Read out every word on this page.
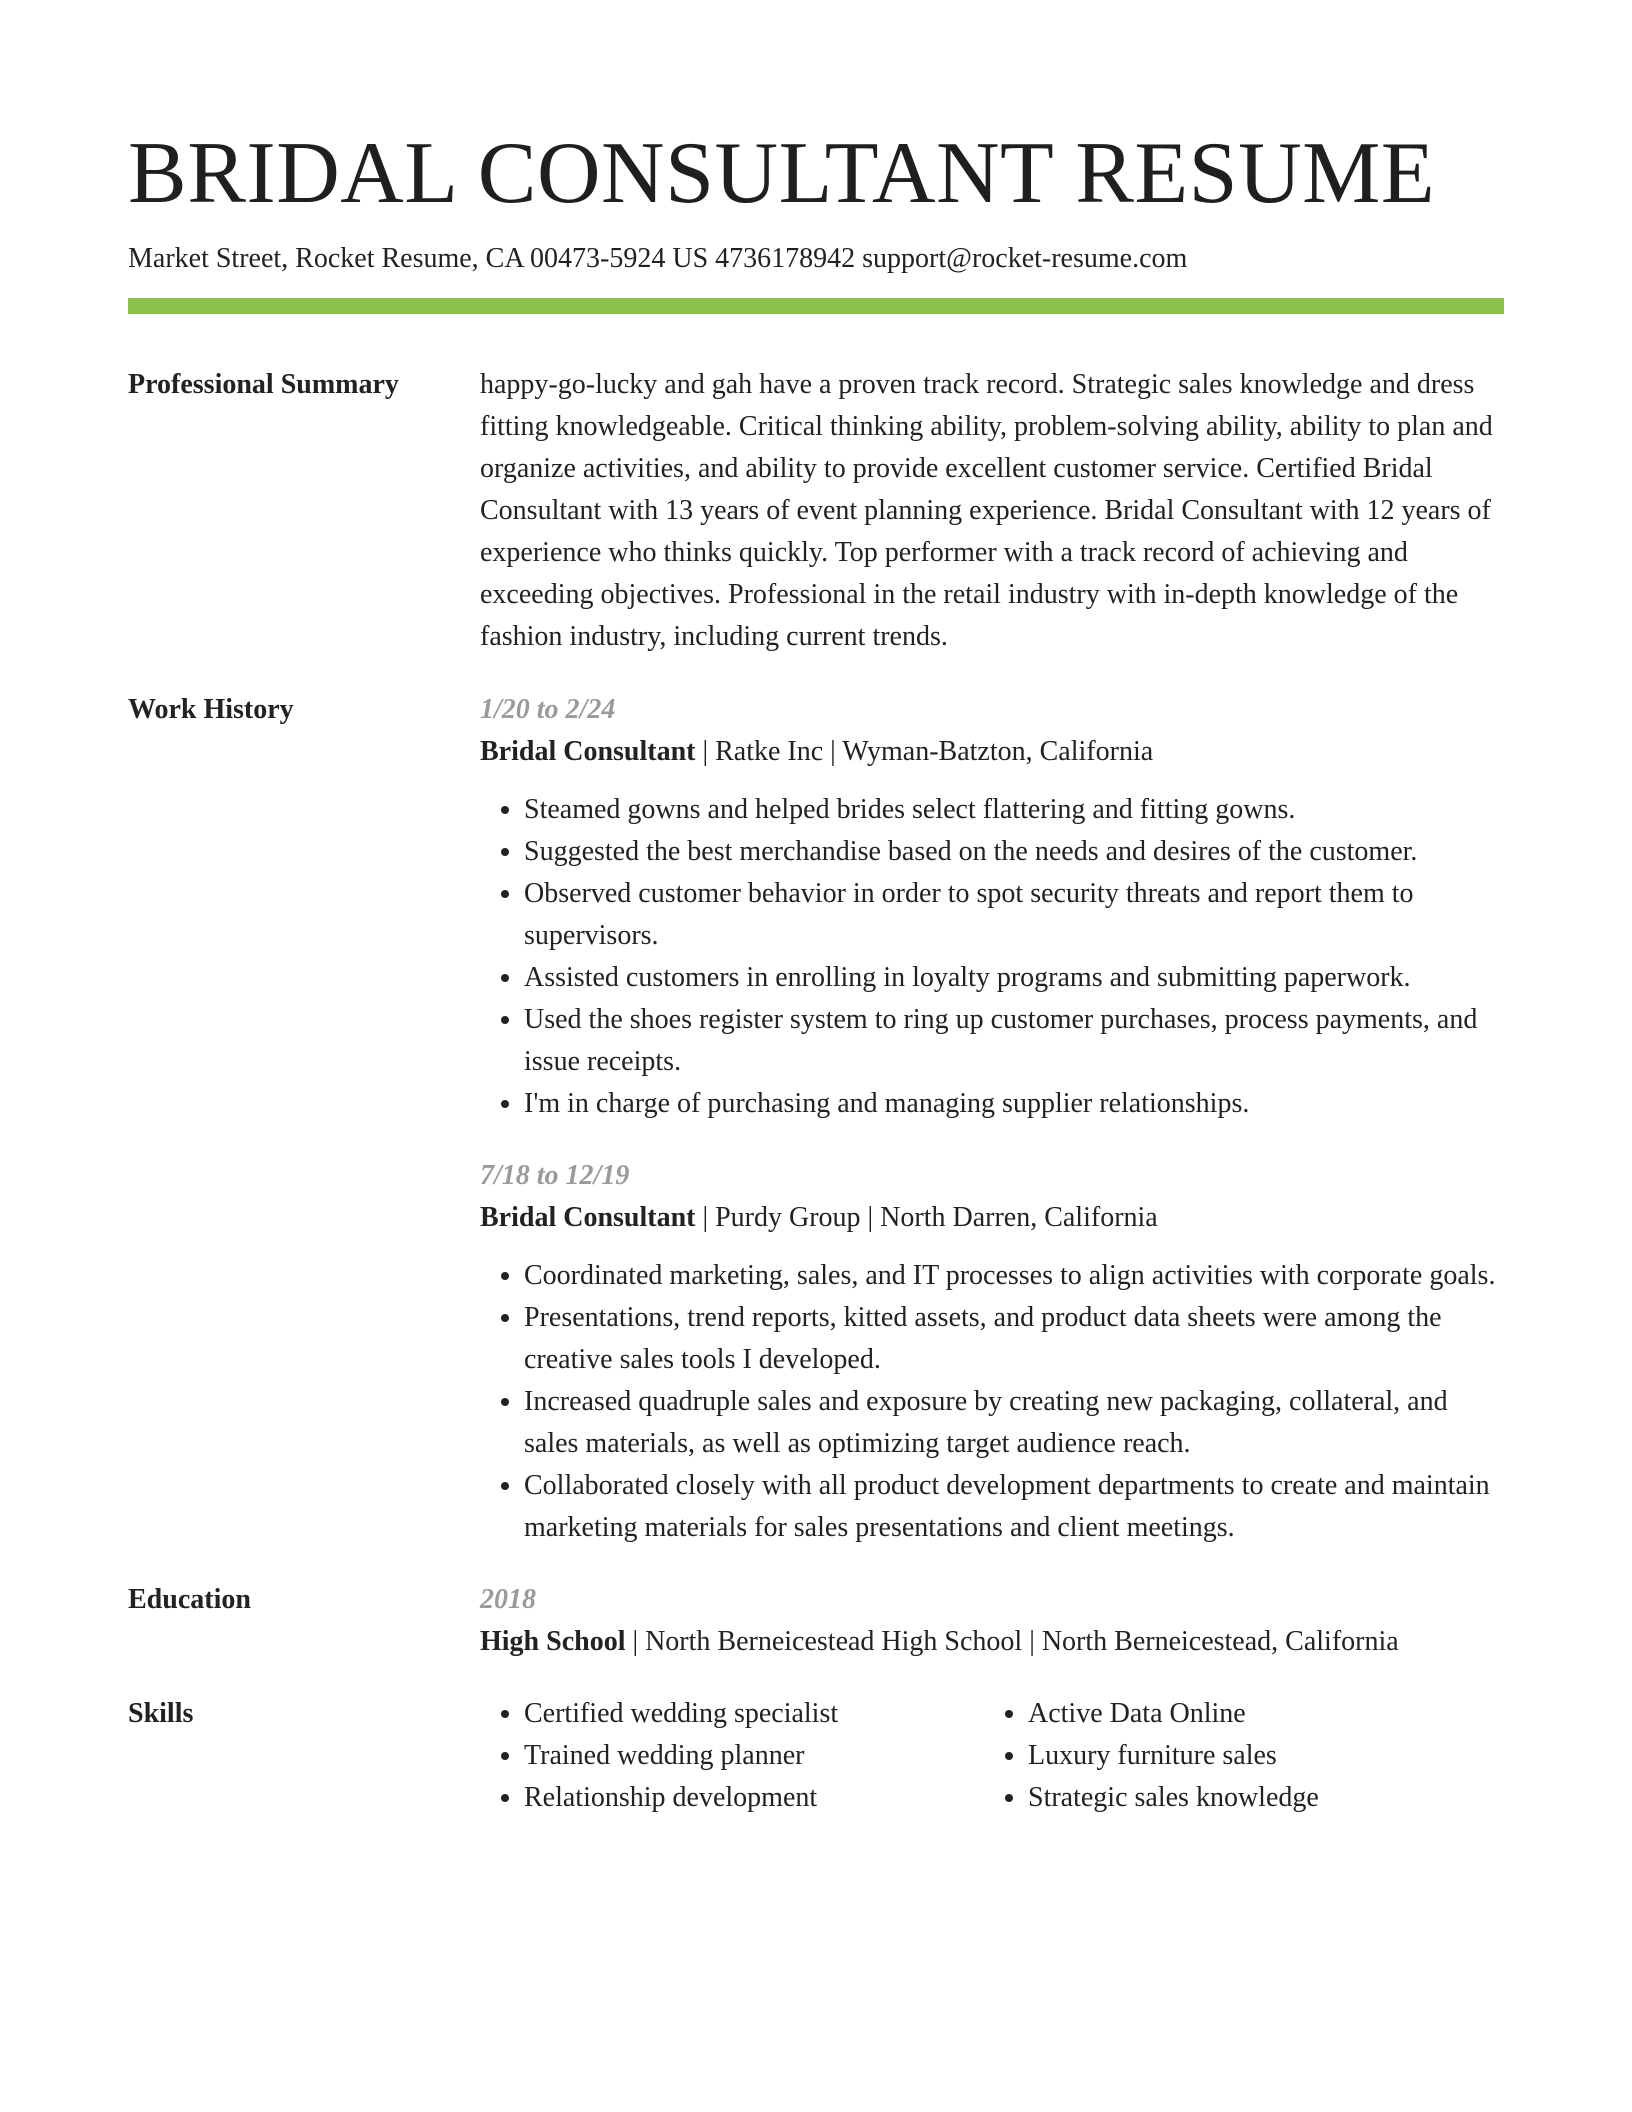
BRIDAL CONSULTANT RESUME
Market Street, Rocket Resume, CA 00473-5924 US 4736178942 support@rocket-resume.com
Professional Summary	happy-go-lucky and gah have a proven track record. Strategic sales knowledge and dress fitting knowledgeable. Critical thinking ability, problem-solving ability, ability to plan and organize activities, and ability to provide excellent customer service. Certified Bridal Consultant with 13 years of event planning experience. Bridal Consultant with 12 years of experience who thinks quickly. Top performer with a track record of achieving and exceeding objectives. Professional in the retail industry with in-depth knowledge of the fashion industry, including current trends.
Work History	1/20 to 2/24
Bridal Consultant | Ratke Inc | Wyman-Batzton, California
• Steamed gowns and helped brides select flattering and fitting gowns.
• Suggested the best merchandise based on the needs and desires of the customer.
• Observed customer behavior in order to spot security threats and report them to supervisors.
• Assisted customers in enrolling in loyalty programs and submitting paperwork.
• Used the shoes register system to ring up customer purchases, process payments, and issue receipts.
• I'm in charge of purchasing and managing supplier relationships.
7/18 to 12/19
Bridal Consultant | Purdy Group | North Darren, California
• Coordinated marketing, sales, and IT processes to align activities with corporate goals.
• Presentations, trend reports, kitted assets, and product data sheets were among the creative sales tools I developed.
• Increased quadruple sales and exposure by creating new packaging, collateral, and sales materials, as well as optimizing target audience reach.
• Collaborated closely with all product development departments to create and maintain marketing materials for sales presentations and client meetings.
Education	2018
High School | North Berneicestead High School | North Berneicestead, California
Skills
•	Certified wedding specialist
• Trained wedding planner
• Relationship development
• Active Data Online
• Luxury furniture sales
• Strategic sales knowledge
